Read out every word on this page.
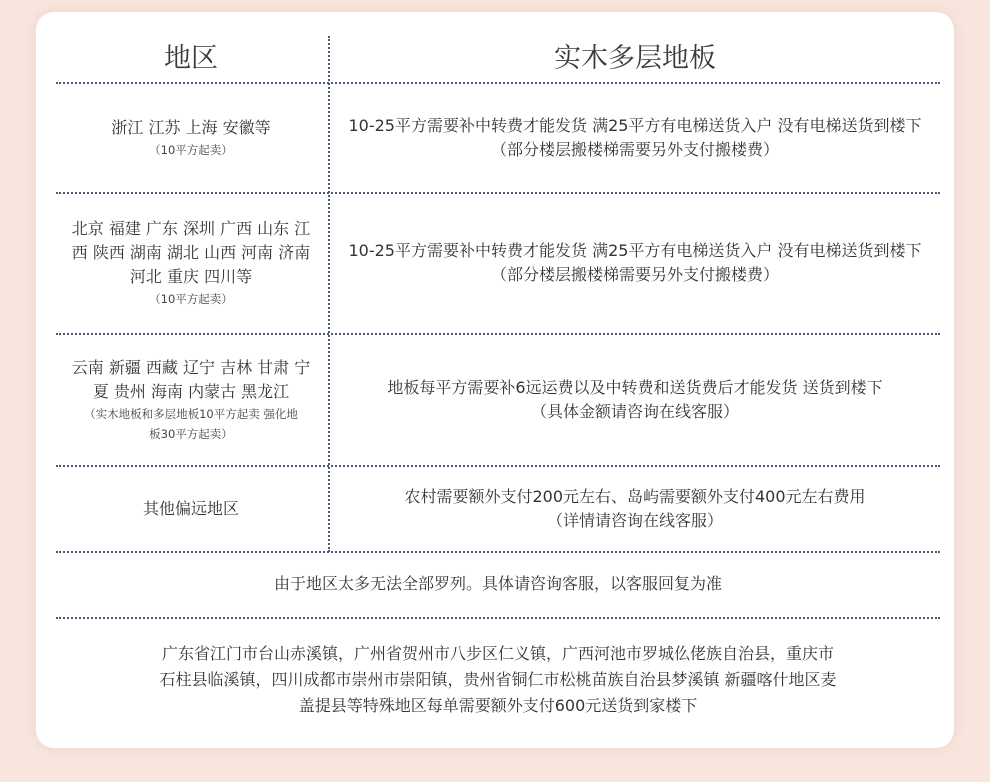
地区	实木多层地板
浙江 江苏 上海 安徽等
（10平方起卖）
10-25平方需要补中转费才能发货 满25平方有电梯送货入户 没有电梯送货到楼下
（部分楼层搬楼梯需要另外支付搬楼费）
北京 福建 广东 深圳 广西 山东 江
西 陕西 湖南 湖北 山西 河南 济南
河北 重庆 四川等
（10平方起卖）
10-25平方需要补中转费才能发货 满25平方有电梯送货入户 没有电梯送货到楼下
（部分楼层搬楼梯需要另外支付搬楼费）
云南 新疆 西藏 辽宁 吉林 甘肃 宁
夏 贵州 海南 内蒙古 黑龙江
（实木地板和多层地板10平方起卖 强化地
板30平方起卖）
地板每平方需要补6远运费以及中转费和送货费后才能发货 送货到楼下
（具体金额请咨询在线客服）
其他偏远地区
农村需要额外支付200元左右、岛屿需要额外支付400元左右费用
（详情请咨询在线客服）
由于地区太多无法全部罗列。具体请咨询客服，以客服回复为准
广东省江门市台山赤溪镇，广州省贺州市八步区仁义镇，广西河池市罗城仫佬族自治县，重庆市
石柱县临溪镇，四川成都市崇州市崇阳镇，贵州省铜仁市松桃苗族自治县梦溪镇 新疆喀什地区麦
盖提县等特殊地区每单需要额外支付600元送货到家楼下
